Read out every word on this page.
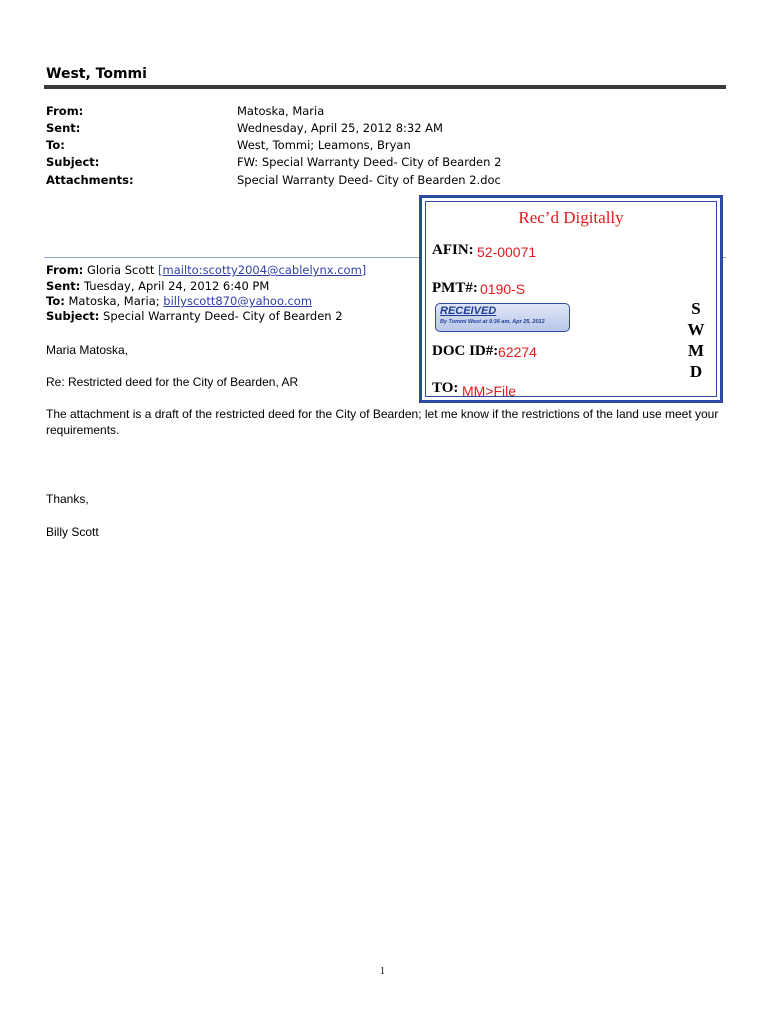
West, Tommi
From:	Matoska, Maria
Sent:	Wednesday, April 25, 2012 8:32 AM
To:	West, Tommi; Leamons, Bryan
Subject:	FW: Special Warranty Deed- City of Bearden 2
Attachments:	Special Warranty Deed- City of Bearden 2.doc
From: Gloria Scott [mailto:scotty2004@cablelynx.com]
Sent: Tuesday, April 24, 2012 6:40 PM
To: Matoska, Maria; billyscott870@yahoo.com
Subject: Special Warranty Deed- City of Bearden 2
Maria Matoska,
Re: Restricted deed for the City of Bearden, AR
The attachment is a draft of the restricted deed for the City of Bearden; let me know if the restrictions of the land use meet your requirements.
Thanks,
Billy Scott
Rec’d Digitally
AFIN: 52-00071
PMT#: 0190-S
RECEIVED
By Tommi West at 9:36 am, Apr 25, 2012
DOC ID#: 62274
TO: MM>File
S
W
M
D
1
